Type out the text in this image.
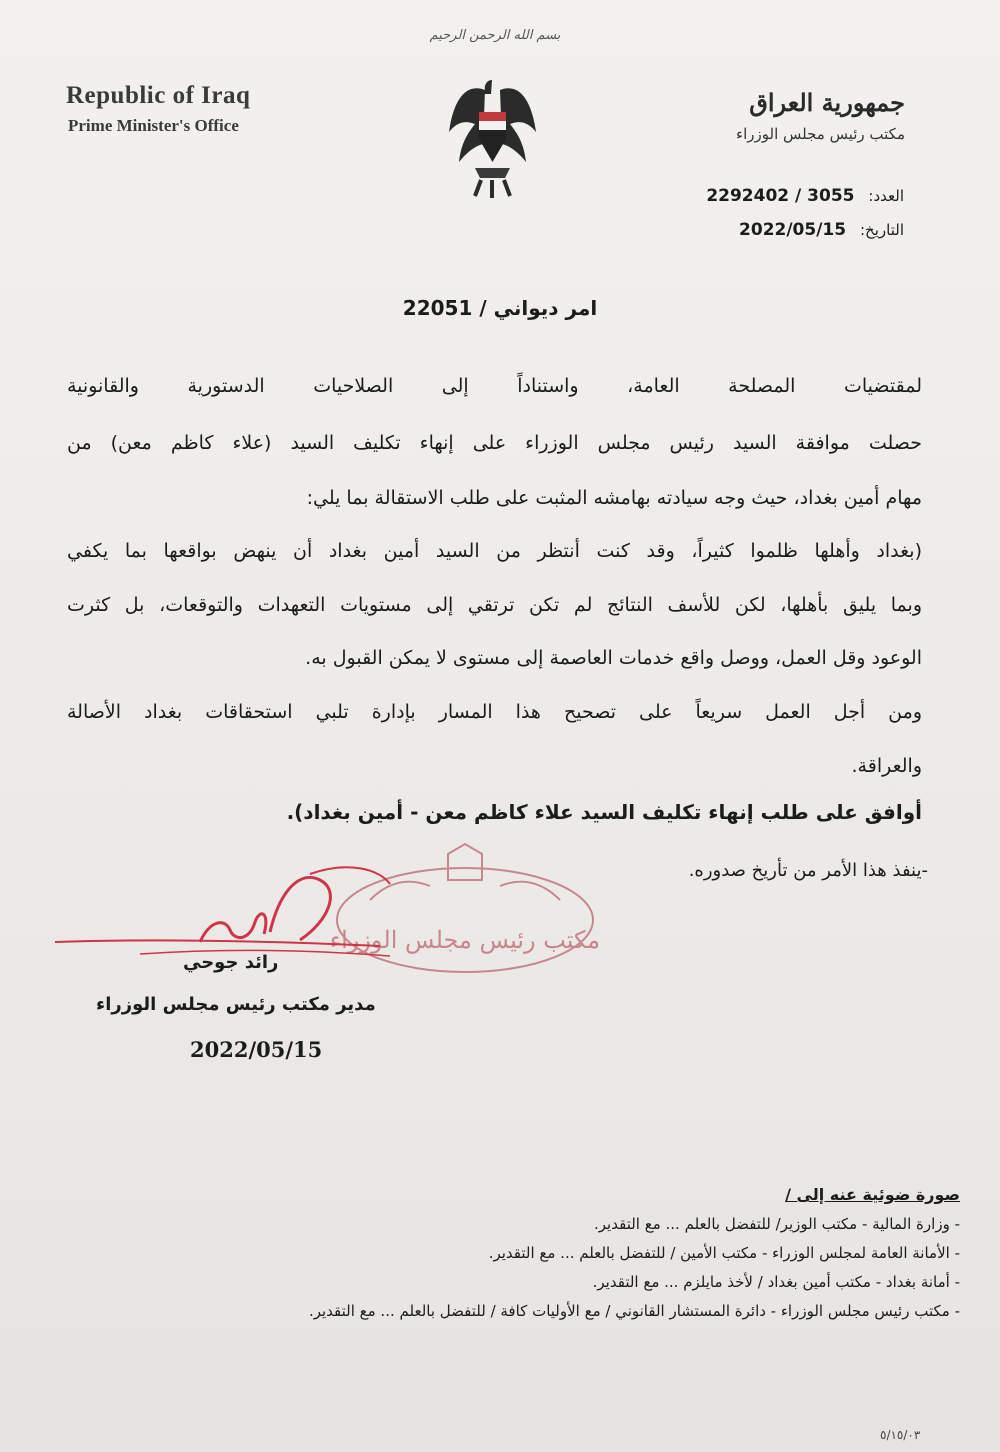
بسم الله الرحمن الرحيم
Republic of Iraq
Prime Minister's Office
جمهورية العراق
مكتب رئيس مجلس الوزراء
العدد: 2292402 / 3055
التاريخ: 2022/05/15
امر ديواني / 22051
لمقتضيات المصلحة العامة، واستناداً إلى الصلاحيات الدستورية والقانونية
حصلت موافقة السيد رئيس مجلس الوزراء على إنهاء تكليف السيد (علاء كاظم معن) من
مهام أمين بغداد، حيث وجه سيادته بهامشه المثبت على طلب الاستقالة بما يلي:
(بغداد وأهلها ظلموا كثيراً، وقد كنت أنتظر من السيد أمين بغداد أن ينهض بواقعها بما يكفي
وبما يليق بأهلها، لكن للأسف النتائج لم تكن ترتقي إلى مستويات التعهدات والتوقعات، بل كثرت
الوعود وقل العمل، ووصل واقع خدمات العاصمة إلى مستوى لا يمكن القبول به.
ومن أجل العمل سريعاً على تصحيح هذا المسار بإدارة تلبي استحقاقات بغداد الأصالة
والعراقة.
أوافق على طلب إنهاء تكليف السيد علاء كاظم معن - أمين بغداد).
-ينفذ هذا الأمر من تأريخ صدوره.
مكتب رئيس مجلس الوزراء
رائد جوحي
مدير مكتب رئيس مجلس الوزراء
2022/05/15
صورة ضوئية عنه إلى /
- وزارة المالية - مكتب الوزير/ للتفضل بالعلم ... مع التقدير.
- الأمانة العامة لمجلس الوزراء - مكتب الأمين / للتفضل بالعلم ... مع التقدير.
- أمانة بغداد - مكتب أمين بغداد / لأخذ مايلزم ... مع التقدير.
- مكتب رئيس مجلس الوزراء - دائرة المستشار القانوني / مع الأوليات كافة / للتفضل بالعلم ... مع التقدير.
٥/١٥/٠٣
